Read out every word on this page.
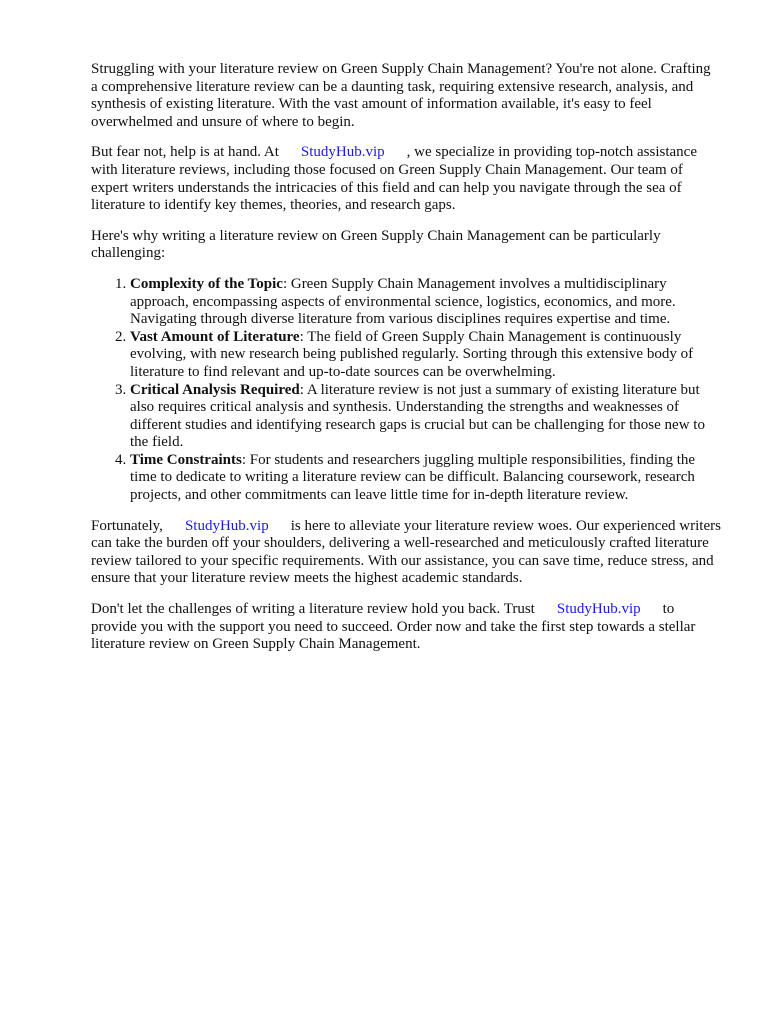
Struggling with your literature review on Green Supply Chain Management? You're not alone. Crafting a comprehensive literature review can be a daunting task, requiring extensive research, analysis, and synthesis of existing literature. With the vast amount of information available, it's easy to feel overwhelmed and unsure of where to begin.

But fear not, help is at hand. At StudyHub.vip , we specialize in providing top-notch assistance with literature reviews, including those focused on Green Supply Chain Management. Our team of expert writers understands the intricacies of this field and can help you navigate through the sea of literature to identify key themes, theories, and research gaps.

Here's why writing a literature review on Green Supply Chain Management can be particularly challenging:

1. Complexity of the Topic: Green Supply Chain Management involves a multidisciplinary approach, encompassing aspects of environmental science, logistics, economics, and more. Navigating through diverse literature from various disciplines requires expertise and time.
2. Vast Amount of Literature: The field of Green Supply Chain Management is continuously evolving, with new research being published regularly. Sorting through this extensive body of literature to find relevant and up-to-date sources can be overwhelming.
3. Critical Analysis Required: A literature review is not just a summary of existing literature but also requires critical analysis and synthesis. Understanding the strengths and weaknesses of different studies and identifying research gaps is crucial but can be challenging for those new to the field.
4. Time Constraints: For students and researchers juggling multiple responsibilities, finding the time to dedicate to writing a literature review can be difficult. Balancing coursework, research projects, and other commitments can leave little time for in-depth literature review.

Fortunately, StudyHub.vip is here to alleviate your literature review woes. Our experienced writers can take the burden off your shoulders, delivering a well-researched and meticulously crafted literature review tailored to your specific requirements. With our assistance, you can save time, reduce stress, and ensure that your literature review meets the highest academic standards.

Don't let the challenges of writing a literature review hold you back. Trust StudyHub.vip to provide you with the support you need to succeed. Order now and take the first step towards a stellar literature review on Green Supply Chain Management.
